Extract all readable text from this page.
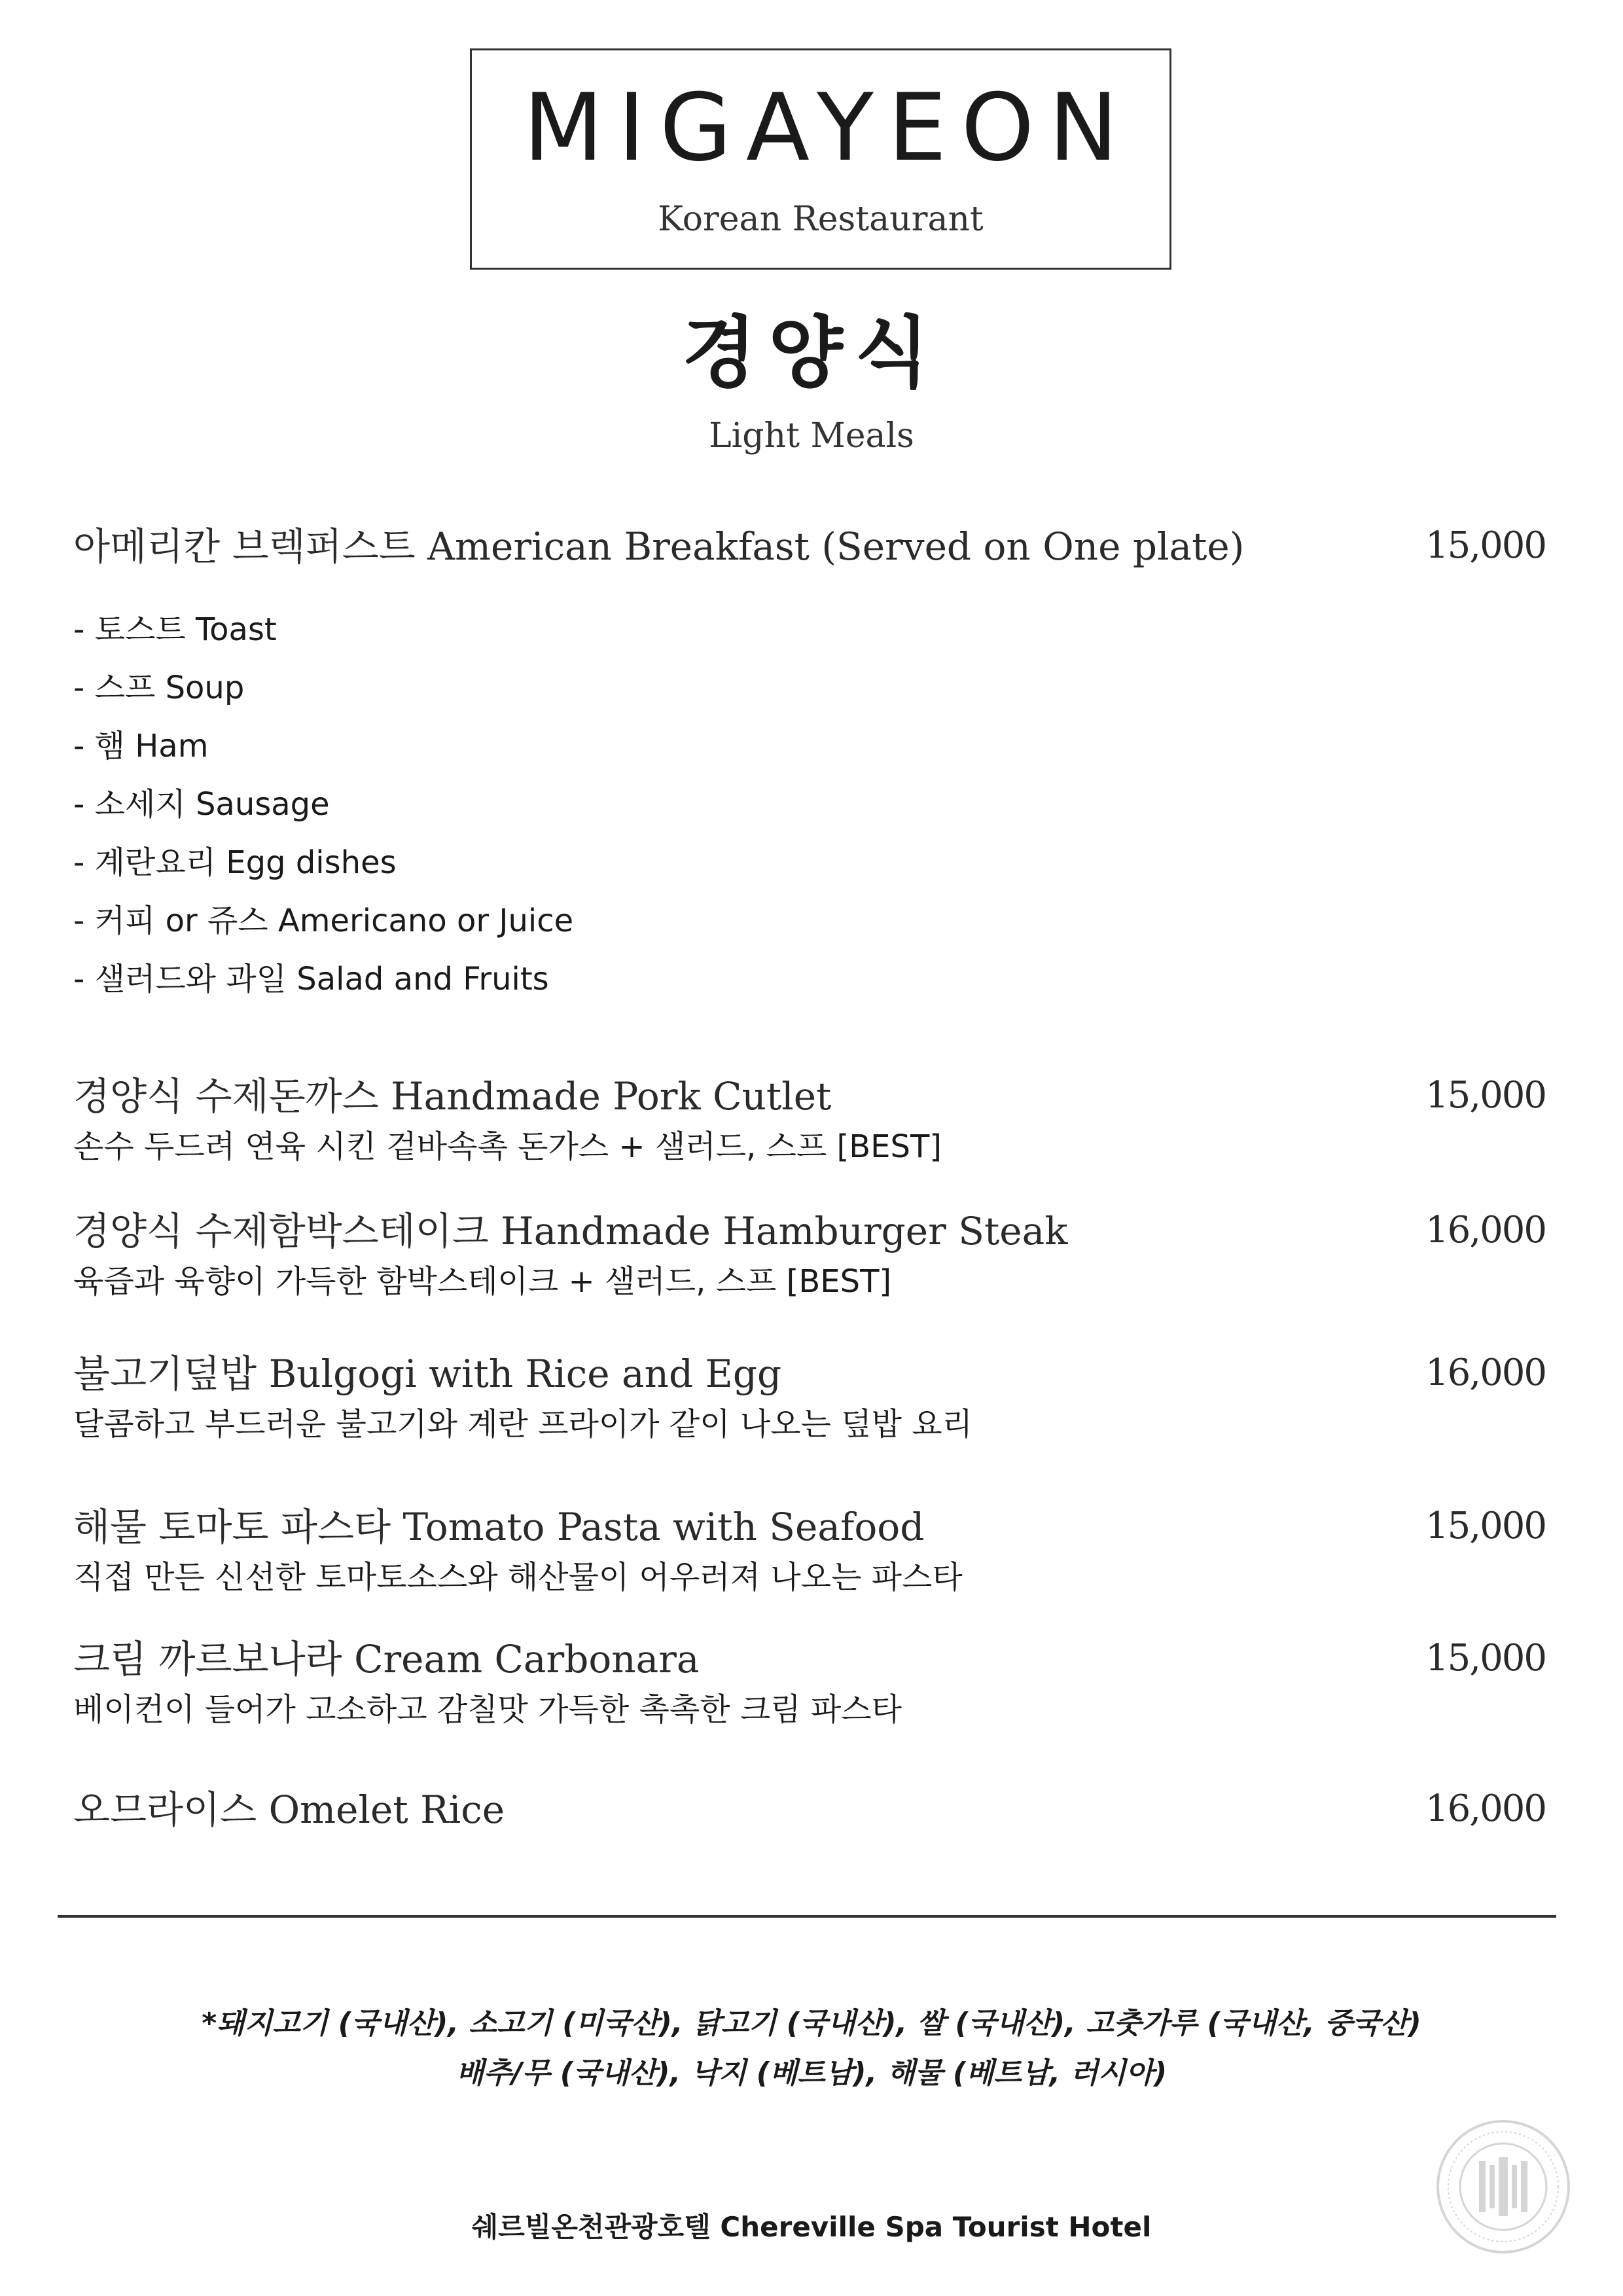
MIGAYEON
Korean Restaurant
경양식
Light Meals
아메리칸 브렉퍼스트 American Breakfast (Served on One plate)	15,000
- 토스트 Toast
- 스프 Soup
- 햄 Ham
- 소세지 Sausage
- 계란요리 Egg dishes
- 커피 or 쥬스 Americano or Juice
- 샐러드와 과일 Salad and Fruits
경양식 수제돈까스 Handmade Pork Cutlet	15,000
손수 두드려 연육 시킨 겉바속촉 돈가스 + 샐러드, 스프 [BEST]
경양식 수제함박스테이크 Handmade Hamburger Steak	16,000
육즙과 육향이 가득한 함박스테이크 + 샐러드, 스프 [BEST]
불고기덮밥 Bulgogi with Rice and Egg	16,000
달콤하고 부드러운 불고기와 계란 프라이가 같이 나오는 덮밥 요리
해물 토마토 파스타 Tomato Pasta with Seafood	15,000
직접 만든 신선한 토마토소스와 해산물이 어우러져 나오는 파스타
크림 까르보나라 Cream Carbonara	15,000
베이컨이 들어가 고소하고 감칠맛 가득한 촉촉한 크림 파스타
오므라이스 Omelet Rice	16,000
*돼지고기 (국내산), 소고기 (미국산), 닭고기 (국내산), 쌀 (국내산), 고춧가루 (국내산, 중국산)
배추/무 (국내산), 낙지 (베트남), 해물 (베트남, 러시아)
쉐르빌온천관광호텔 Chereville Spa Tourist Hotel
